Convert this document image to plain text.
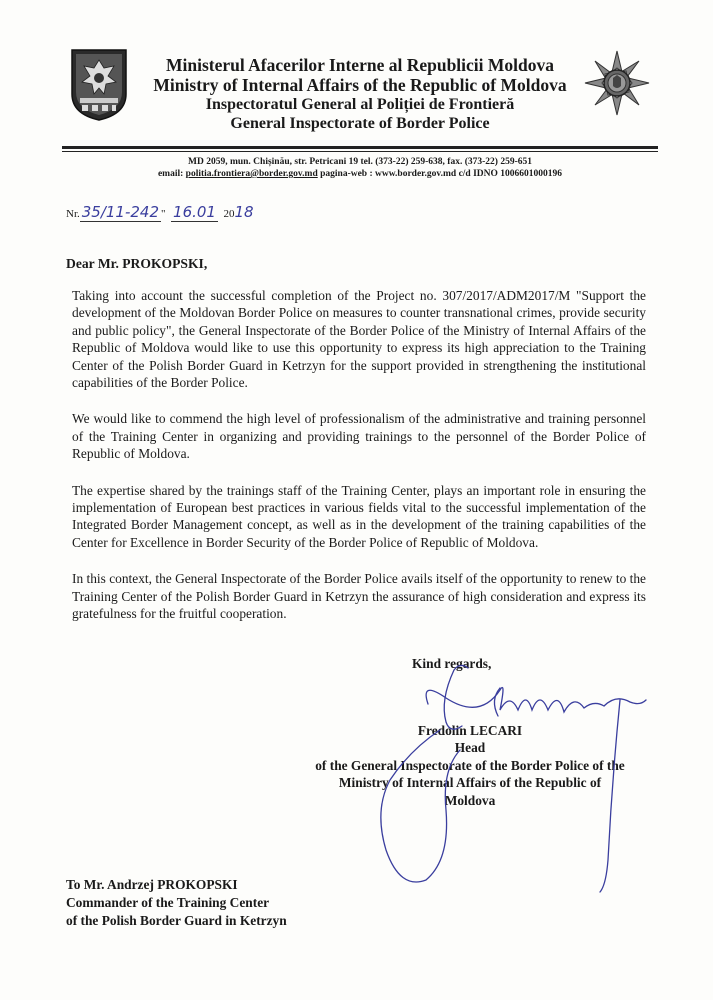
Ministerul Afacerilor Interne al Republicii Moldova
Ministry of Internal Affairs of the Republic of Moldova
Inspectoratul General al Poliției de Frontieră
General Inspectorate of Border Police
MD 2059, mun. Chișinău, str. Petricani 19 tel. (373-22) 259-638, fax. (373-22) 259-651
email: politia.frontiera@border.gov.md pagina-web : www.border.gov.md c/d IDNO 1006601000196
Nr. 35/11-242 " 16.01 2018
Dear Mr. PROKOPSKI,

Taking into account the successful completion of the Project no. 307/2017/ADM2017/M "Support the development of the Moldovan Border Police on measures to counter transnational crimes, provide security and public policy", the General Inspectorate of the Border Police of the Ministry of Internal Affairs of the Republic of Moldova would like to use this opportunity to express its high appreciation to the Training Center of the Polish Border Guard in Ketrzyn for the support provided in strengthening the institutional capabilities of the Border Police.

We would like to commend the high level of professionalism of the administrative and training personnel of the Training Center in organizing and providing trainings to the personnel of the Border Police of Republic of Moldova.

The expertise shared by the trainings staff of the Training Center, plays an important role in ensuring the implementation of European best practices in various fields vital to the successful implementation of the Integrated Border Management concept, as well as in the development of the training capabilities of the Center for Excellence in Border Security of the Border Police of Republic of Moldova.

In this context, the General Inspectorate of the Border Police avails itself of the opportunity to renew to the Training Center of the Polish Border Guard in Ketrzyn the assurance of high consideration and express its gratefulness for the fruitful cooperation.

Kind regards,
Fredolin LECARI
Head
of the General Inspectorate of the Border Police of the
Ministry of Internal Affairs of the Republic of
Moldova
To Mr. Andrzej PROKOPSKI
Commander of the Training Center
of the Polish Border Guard in Ketrzyn
